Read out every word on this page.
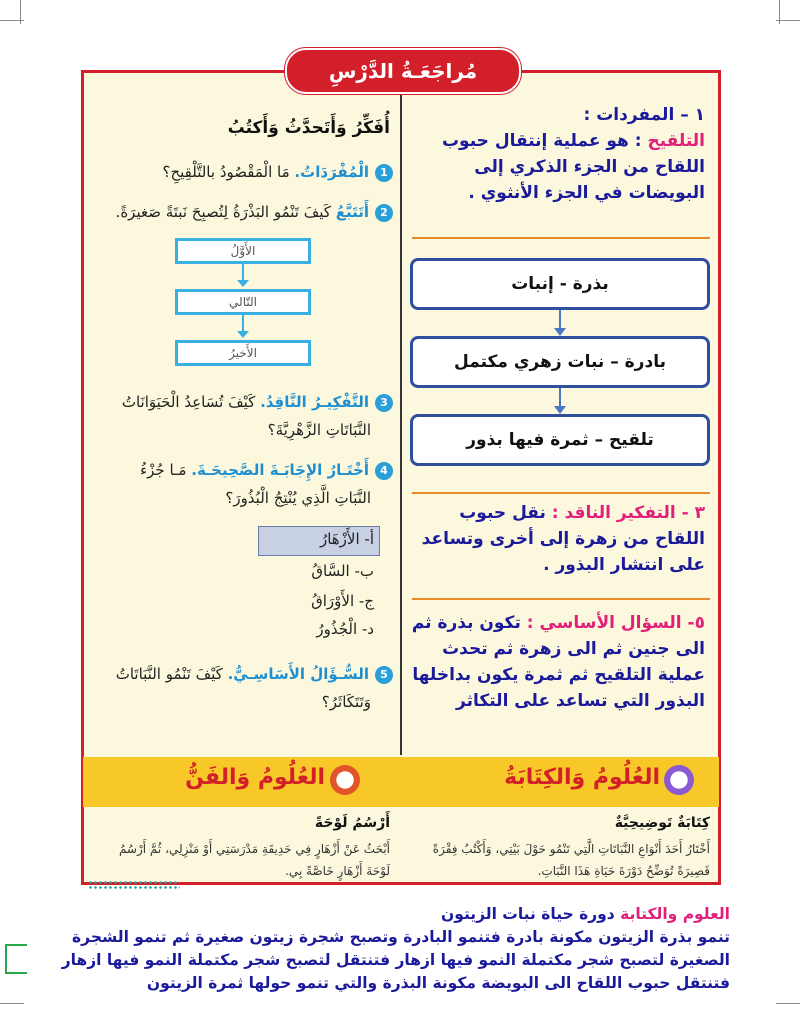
مُراجَعَـةُ الدَّرْسِ
١ – المفردات :
التلقيح : هو عملية إنتقال حبوب اللقاح من الجزء الذكري إلى البويضات في الجزء الأنثوي .
بذرة - إنبات
بادرة – نبات زهري مكتمل
تلقيح – ثمرة فيها بذور
٣ - التفكير الناقد : نقل حبوب اللقاح من زهرة إلى أخرى وتساعد على انتشار البذور .
٥- السؤال الأساسي : تكون بذرة ثم الى جنين ثم الى زهرة ثم تحدث عملية التلقيح ثم ثمرة يكون بداخلها البذور التي تساعد على التكاثر
أُفَكِّرُ وَأَتَحدَّثُ وَأَكتُبُ
1الْمُفْرَدَاتُ. مَا الْمَقْصُودُ بالتَّلْقِيحِ؟
2أَتَتَبَّعُ كَيفَ تَنْمُو البَذْرَةُ لِتُصبِحَ نَبتَةً صَغيرَةً.
الأَوَّلُ
التّالي
الأَخيرُ
3التَّفْكِيـرُ النَّاقِدُ. كَيْفَ تُسَاعِدُ الْحَيَوَانَاتُ
النَّبَاتَاتِ الزَّهْرِيَّةَ؟
4أَخْتَـارُ الإِجَابَـةَ الصَّحِيحَـةَ. مَـا جُزْءُ
النَّبَاتِ الَّذِي يُنْتِجُ الْبُذُورَ؟
أ- الأَزْهَارُ
ب- السَّاقُ
ج- الأَوْرَاقُ
د- الْجُذُورُ
5السُّـؤَالُ الأَسَاسِـيُّ. كَيْفَ تَنْمُو النَّبَاتَاتُ
وَتَتَكَاثَرُ؟
العُلُومُ وَالكِتَابَةُ
العُلُومُ وَالفَنُّ
كِتَابَةٌ تَوضِيحِيَّةٌ
أَخْتَارُ أَحَدَ أَنْوَاعِ النَّبَاتَاتِ الَّتِي تَنْمُو حَوْلَ بَيْتِي، وَأَكْتُبُ فِقْرَةً
قَصِيرَةً تُوَضِّحُ دَوْرَةَ حَيَاةِ هَذَا النَّبَاتِ.
أَرْسُمُ لَوْحَةً
أَبْحَثُ عَنْ أَزْهَارٍ فِي حَدِيقَةِ مَدْرَسَتِي أَوْ مَنْزِلِي، ثُمَّ أَرْسُمُ
لَوْحَةَ أَزْهَارٍ خَاصَّةً بِي.
العلوم والكتابة دورة حياة نبات الزيتون
تنمو بذرة الزيتون مكونة بادرة فتنمو البادرة وتصبح شجرة زيتون صغيرة ثم تنمو الشجرة الصغيرة لتصبح شجر مكتملة النمو فيها ازهار فتنتقل لتصبح شجر مكتملة النمو فيها ازهار فتنتقل حبوب اللقاح الى البويضة مكونة البذرة والتي تنمو حولها ثمرة الزيتون
